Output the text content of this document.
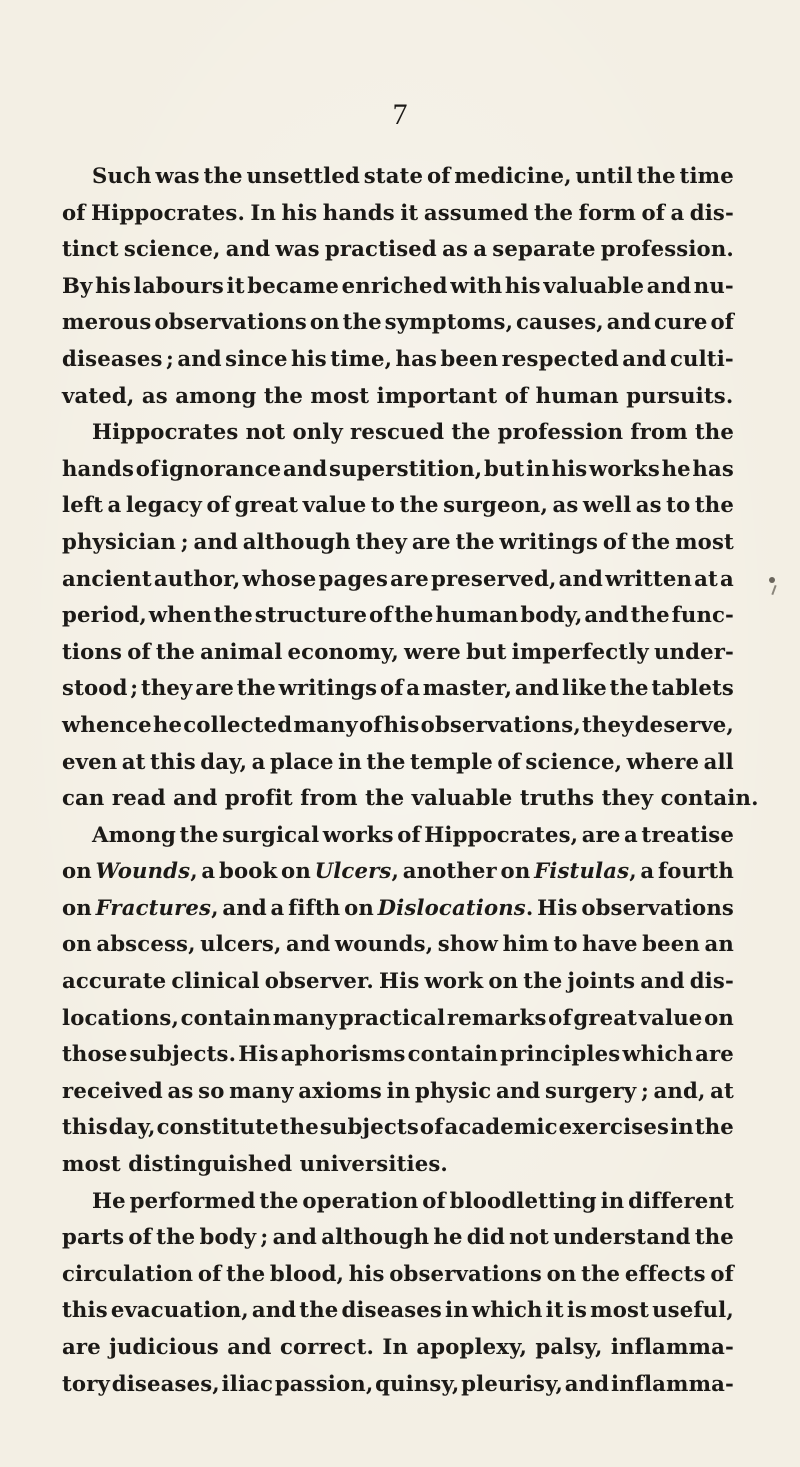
7
Such was the unsettled state of medicine, until the time
of Hippocrates. In his hands it assumed the form of a dis-
tinct science, and was practised as a separate profession.
By his labours it became enriched with his valuable and nu-
merous observations on the symptoms, causes, and cure of
diseases ; and since his time, has been respected and culti-
vated, as among the most important of human pursuits.
Hippocrates not only rescued the profession from the
hands of ignorance and superstition, but in his works he has
left a legacy of great value to the surgeon, as well as to the
physician ; and although they are the writings of the most
ancient author, whose pages are preserved, and written at a
period, when the structure of the human body, and the func-
tions of the animal economy, were but imperfectly under-
stood ; they are the writings of a master, and like the tablets
whence he collected many of his observations, they deserve,
even at this day, a place in the temple of science, where all
can read and profit from the valuable truths they contain.
Among the surgical works of Hippocrates, are a treatise
on Wounds, a book on Ulcers, another on Fistulas, a fourth
on Fractures, and a fifth on Dislocations. His observations
on abscess, ulcers, and wounds, show him to have been an
accurate clinical observer. His work on the joints and dis-
locations, contain many practical remarks of great value on
those subjects. His aphorisms contain principles which are
received as so many axioms in physic and surgery ; and, at
this day, constitute the subjects of academic exercises in the
most distinguished universities.
He performed the operation of bloodletting in different
parts of the body ; and although he did not understand the
circulation of the blood, his observations on the effects of
this evacuation, and the diseases in which it is most useful,
are judicious and correct. In apoplexy, palsy, inflamma-
tory diseases, iliac passion, quinsy, pleurisy, and inflamma-
